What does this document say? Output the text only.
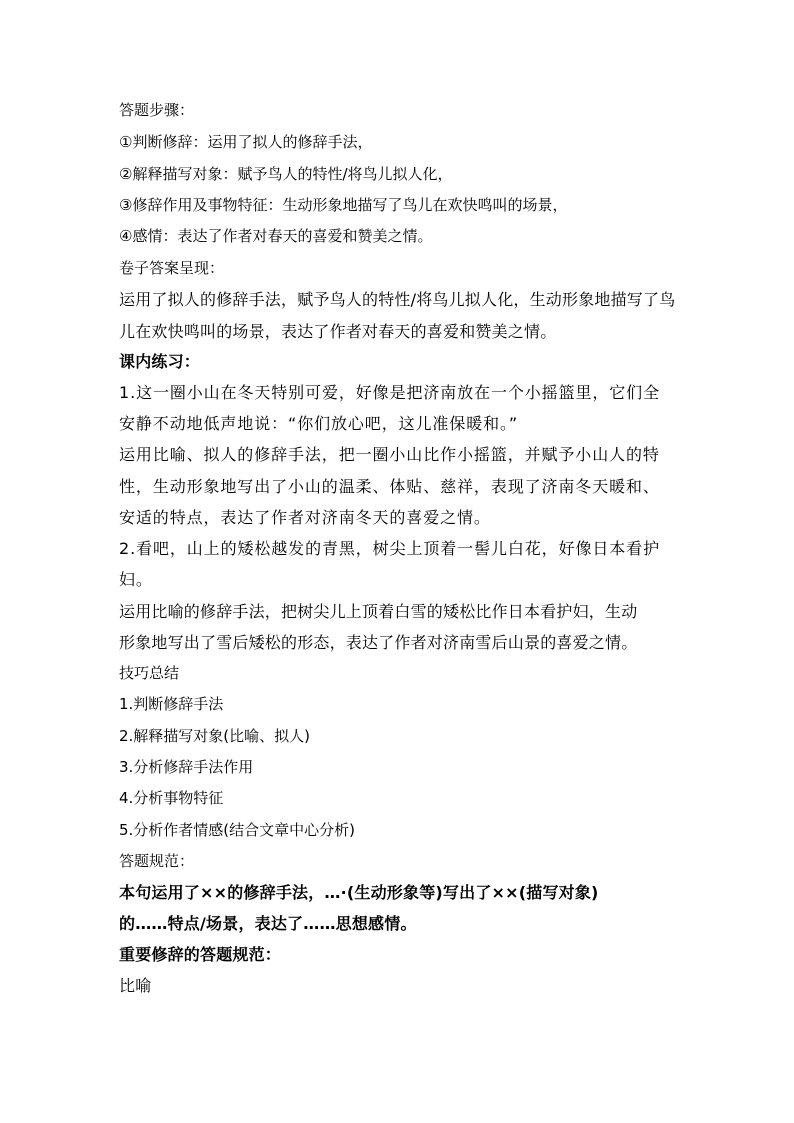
答题步骤：
①判断修辞：运用了拟人的修辞手法，
②解释描写对象：赋予鸟人的特性/将鸟儿拟人化，
③修辞作用及事物特征：生动形象地描写了鸟儿在欢快鸣叫的场景，
④感情：表达了作者对春天的喜爱和赞美之情。
卷子答案呈现：
运用了拟人的修辞手法，赋予鸟人的特性/将鸟儿拟人化，生动形象地描写了鸟
儿在欢快鸣叫的场景，表达了作者对春天的喜爱和赞美之情。
课内练习：
1.这一圈小山在冬天特别可爱，好像是把济南放在一个小摇篮里，它们全
安静不动地低声地说：“你们放心吧，这儿准保暖和。”
运用比喻、拟人的修辞手法，把一圈小山比作小摇篮，并赋予小山人的特
性，生动形象地写出了小山的温柔、体贴、慈祥，表现了济南冬天暖和、
安适的特点，表达了作者对济南冬天的喜爱之情。
2.看吧，山上的矮松越发的青黑，树尖上顶着一髻儿白花，好像日本看护
妇。
运用比喻的修辞手法，把树尖儿上顶着白雪的矮松比作日本看护妇，生动
形象地写出了雪后矮松的形态，表达了作者对济南雪后山景的喜爱之情。
技巧总结
1.判断修辞手法
2.解释描写对象(比喻、拟人)
3.分析修辞手法作用
4.分析事物特征
5.分析作者情感(结合文章中心分析)
答题规范：
本句运用了××的修辞手法，…·(生动形象等)写出了××(描写对象)
的……特点/场景，表达了……思想感情。
重要修辞的答题规范：
比喻
